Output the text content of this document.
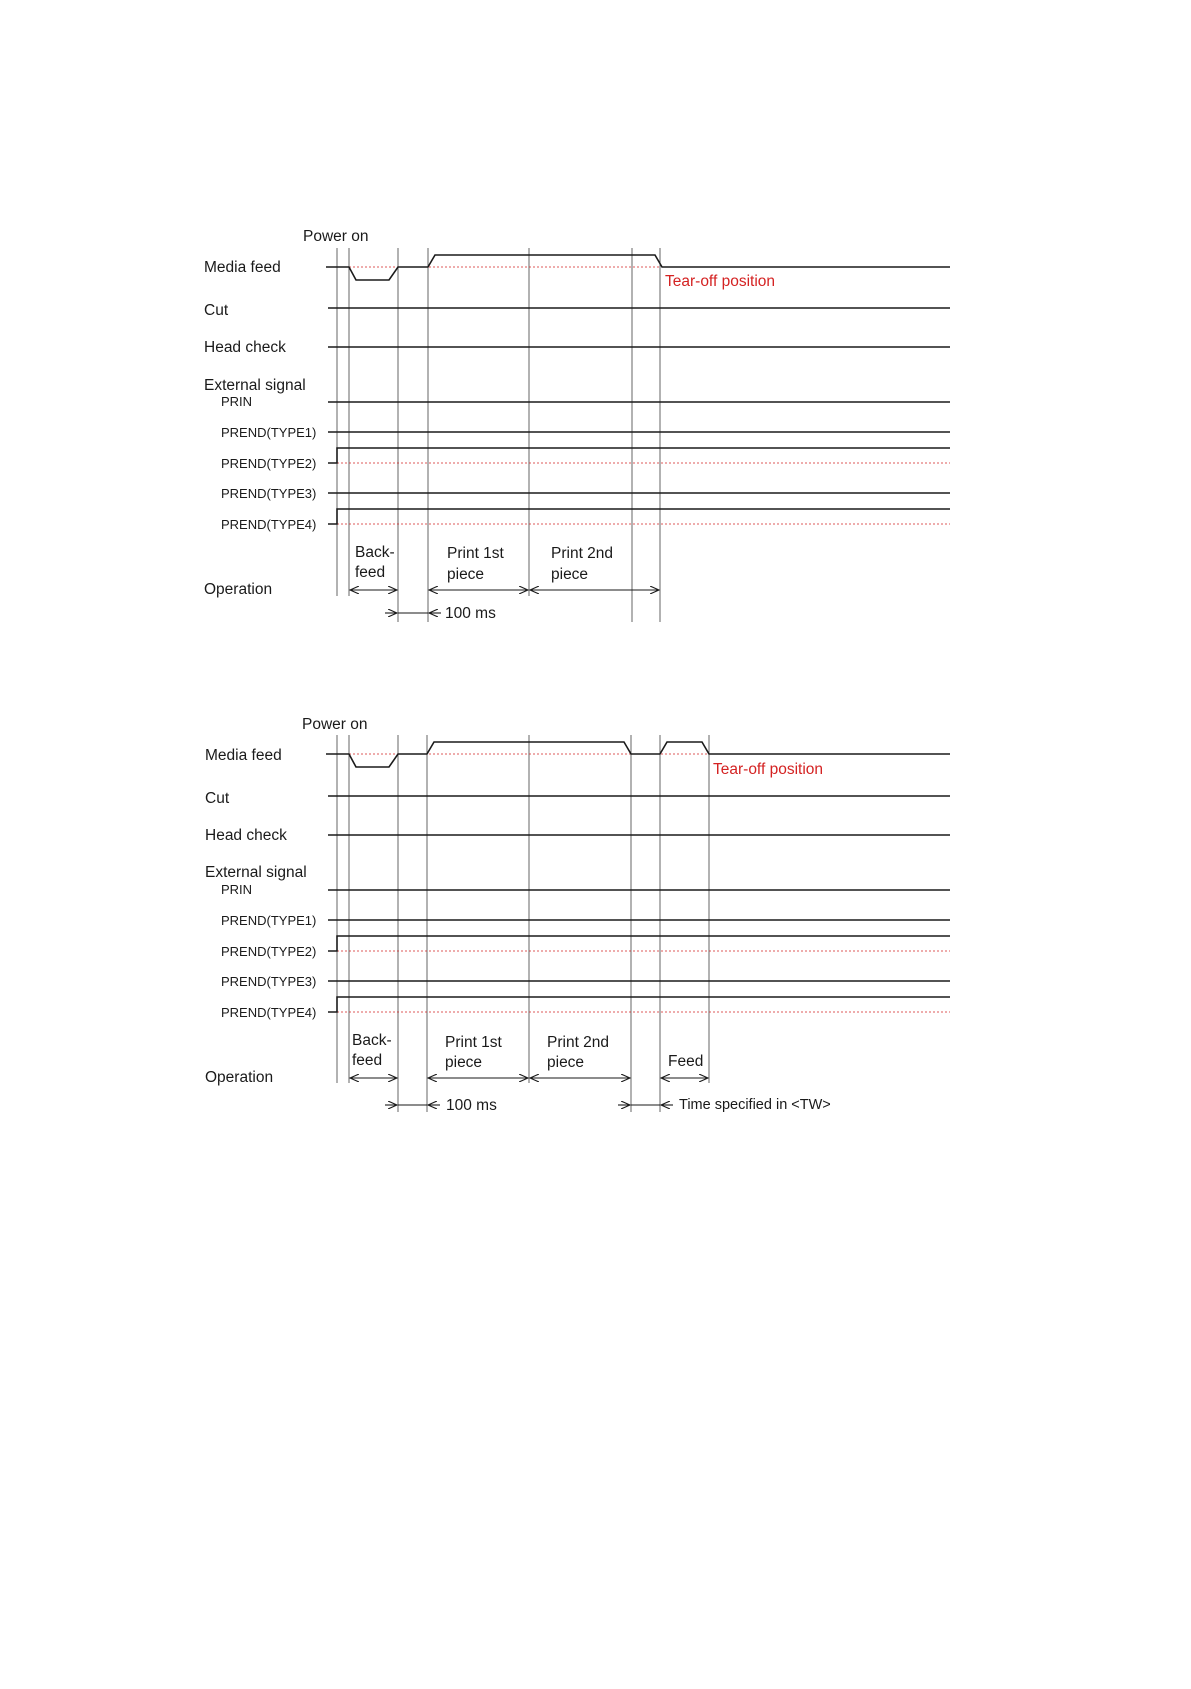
Power on
Media feed
Cut
Head check
External signal
PRIN
PREND(TYPE1)
PREND(TYPE2)
PREND(TYPE3)
PREND(TYPE4)
Operation
Tear-off position
Back-
feed
Print 1st
piece
Print 2nd
piece
100 ms
Power on
Media feed
Cut
Head check
External signal
PRIN
PREND(TYPE1)
PREND(TYPE2)
PREND(TYPE3)
PREND(TYPE4)
Operation
Tear-off position
Back-
feed
Print 1st
piece
Print 2nd
piece	Feed
100 ms	Time specified in <TW>
